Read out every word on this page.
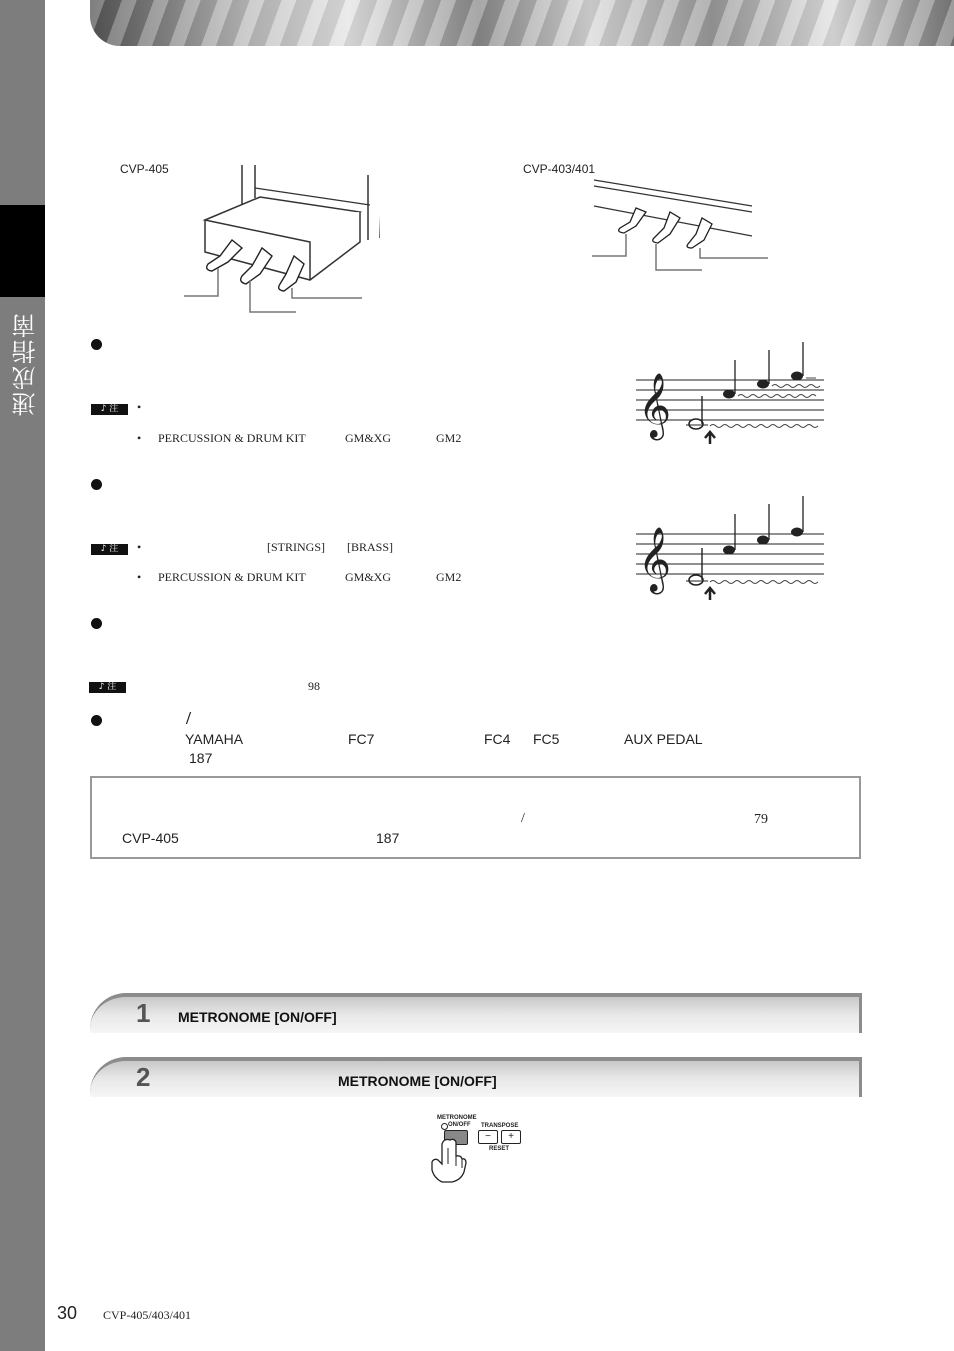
速成指南
CVP-405	CVP-403/401
♪ 注	•
• PERCUSSION & DRUM KIT	GM&XG	GM2	𝄞
♪ 注	•	[STRINGS] [BRASS]
• PERCUSSION & DRUM KIT	GM&XG	GM2	𝄞
♪ 注	98
/
YAMAHA	FC7	FC4 FC5	AUX PEDAL
187
/	79
CVP-405	187
1 METRONOME [ON/OFF]
2	METRONOME [ON/OFF]
METRONOME
ON/OFF TRANSPOSE
−	+
RESET
30 CVP-405/403/401
